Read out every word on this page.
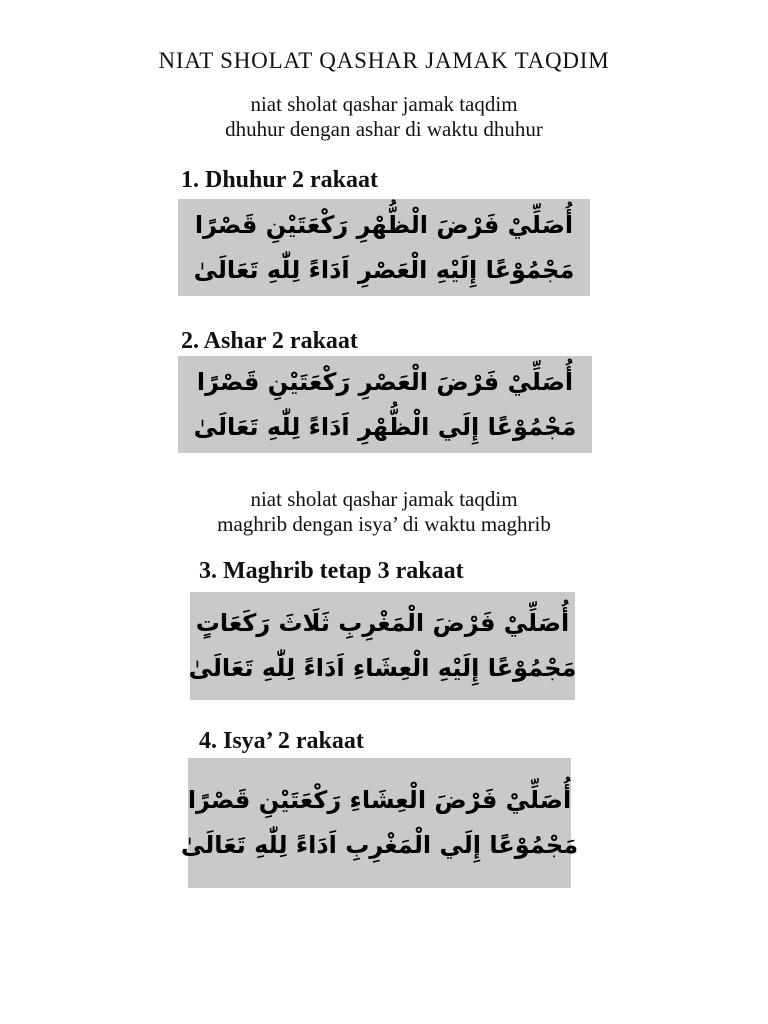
NIAT SHOLAT QASHAR JAMAK TAQDIM

niat sholat qashar jamak taqdim
dhuhur dengan ashar di waktu dhuhur

1. Dhuhur 2 rakaat
أُصَلِّيْ فَرْضَ الْظُّهْرِ رَكْعَتَيْنِ قَصْرًا
مَجْمُوْعًا إِلَيْهِ الْعَصْرِ اَدَاءً لِلّٰهِ تَعَالَىٰ
2. Ashar 2 rakaat
أُصَلِّيْ فَرْضَ الْعَصْرِ رَكْعَتَيْنِ قَصْرًا
مَجْمُوْعًا إِلَي الْظُّهْرِ اَدَاءً لِلّٰهِ تَعَالَىٰ

niat sholat qashar jamak taqdim
maghrib dengan isya’ di waktu maghrib

3. Maghrib tetap 3 rakaat
أُصَلِّيْ فَرْضَ الْمَغْرِبِ ثَلَاثَ رَكَعَاتٍ
مَجْمُوْعًا إِلَيْهِ الْعِشَاءِ اَدَاءً لِلّٰهِ تَعَالَىٰ
4. Isya’ 2 rakaat
أُصَلِّيْ فَرْضَ الْعِشَاءِ رَكْعَتَيْنِ قَصْرًا
مَجْمُوْعًا إِلَي الْمَغْرِبِ اَدَاءً لِلّٰهِ تَعَالَىٰ
